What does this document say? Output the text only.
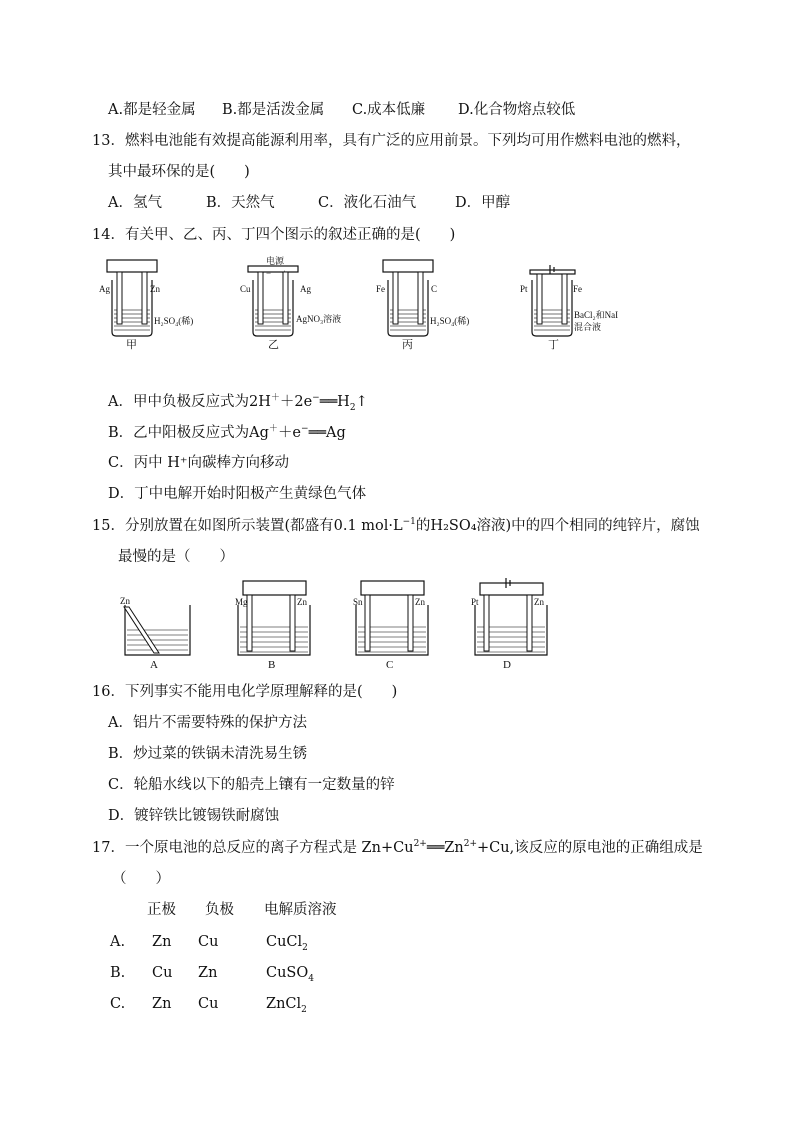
A.都是轻金属 B.都是活泼金属 C.成本低廉 D.化合物熔点较低
13．燃料电池能有效提高能源利用率，具有广泛的应用前景。下列均可用作燃料电池的燃料，
其中最环保的是(　　)
A．氢气	B．天然气	C．液化石油气	D．甲醇
14．有关甲、乙、丙、丁四个图示的叙述正确的是(　　)
Ag	Zn
H₂SO₄(稀)
甲
电源
−
Cu	Ag
AgNO₃溶液
乙
Fe	C
H₂SO₄(稀)
丙
Pt	Fe
BaCl₂和NaI
混合液
丁
A．甲中负极反应式为$2H^++2e^-══H_2↑$
B．乙中阳极反应式为Ag＋＋e−══Ag
C．丙中 H⁺向碳棒方向移动
D．丁中电解开始时阳极产生黄绿色气体
15．分别放置在如图所示装置(都盛有0.1 $mol\cdot L^{-1}$的H₂SO₄溶液)中的四个相同的纯锌片，腐蚀
最慢的是（　　）
Zn
A
Mg	Zn
B
Sn	Zn
C
Pt	Zn
D
16．下列事实不能用电化学原理解释的是(　　)
A．铝片不需要特殊的保护方法
B．炒过菜的铁锅未清洗易生锈
C．轮船水线以下的船壳上镶有一定数量的锌
D．镀锌铁比镀锡铁耐腐蚀
17．一个原电池的总反应的离子方程式是 $Zn+Cu^{2+}══Zn^{2+}+Cu$,该反应的原电池的正确组成是
（　　）
正极 负极 电解质溶液
A. Zn Cu	CuCl$_2$
B. Cu Zn	CuSO$_4$
C. Zn Cu	ZnCl$_2$
